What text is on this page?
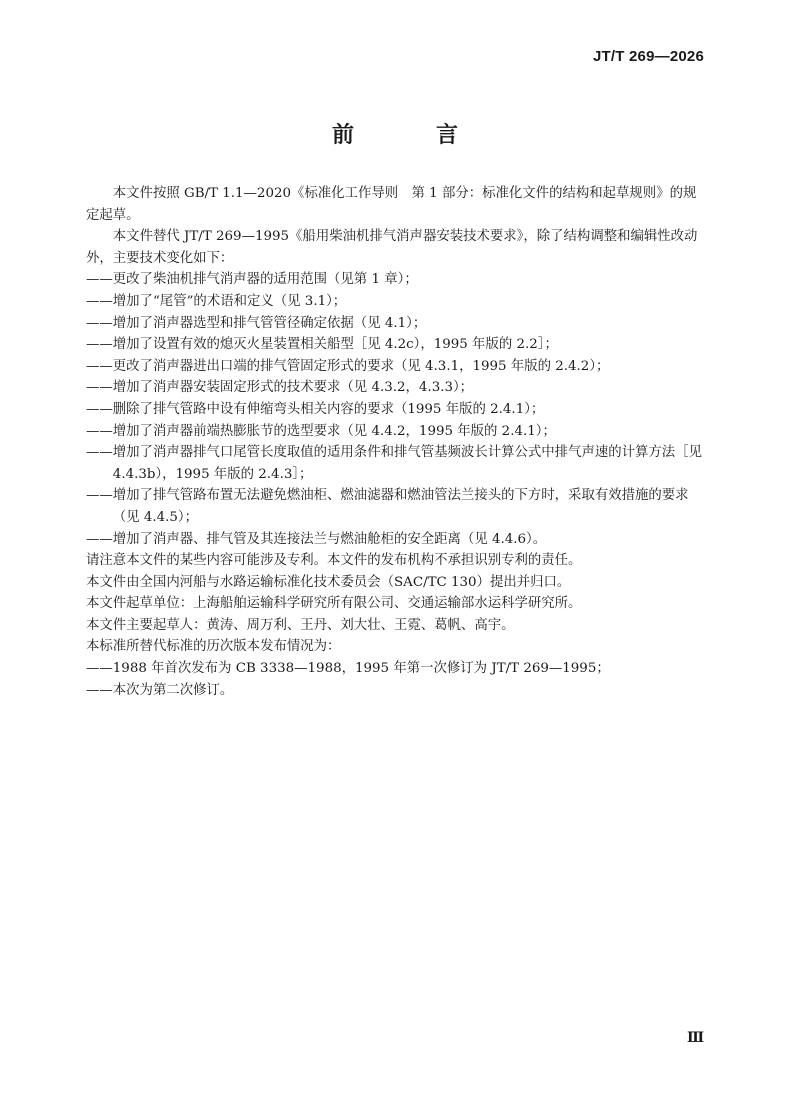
JT/T 269—2026
前　言

本文件按照 GB/T 1.1—2020《标准化工作导则　第 1 部分：标准化文件的结构和起草规则》的规定起草。

本文件替代 JT/T 269—1995《船用柴油机排气消声器安装技术要求》，除了结构调整和编辑性改动外，主要技术变化如下：

——更改了柴油机排气消声器的适用范围（见第 1 章）；

——增加了“尾管”的术语和定义（见 3.1）；

——增加了消声器选型和排气管管径确定依据（见 4.1）；

——增加了设置有效的熄灭火星装置相关船型［见 4.2c），1995 年版的 2.2］；

——更改了消声器进出口端的排气管固定形式的要求（见 4.3.1，1995 年版的 2.4.2）；

——增加了消声器安装固定形式的技术要求（见 4.3.2，4.3.3）；

——删除了排气管路中设有伸缩弯头相关内容的要求（1995 年版的 2.4.1）；

——增加了消声器前端热膨胀节的选型要求（见 4.4.2，1995 年版的 2.4.1）；

——增加了消声器排气口尾管长度取值的适用条件和排气管基频波长计算公式中排气声速的计算方法［见 4.4.3b），1995 年版的 2.4.3］；

——增加了排气管路布置无法避免燃油柜、燃油滤器和燃油管法兰接头的下方时，采取有效措施的要求（见 4.4.5）；

——增加了消声器、排气管及其连接法兰与燃油舱柜的安全距离（见 4.4.6）。

请注意本文件的某些内容可能涉及专利。本文件的发布机构不承担识别专利的责任。

本文件由全国内河船与水路运输标准化技术委员会（SAC/TC 130）提出并归口。

本文件起草单位：上海船舶运输科学研究所有限公司、交通运输部水运科学研究所。

本文件主要起草人：黄涛、周万利、王丹、刘大壮、王霓、葛帆、高宇。

本标准所替代标准的历次版本发布情况为：

——1988 年首次发布为 CB 3338—1988，1995 年第一次修订为 JT/T 269—1995；

——本次为第二次修订。

Ⅲ
